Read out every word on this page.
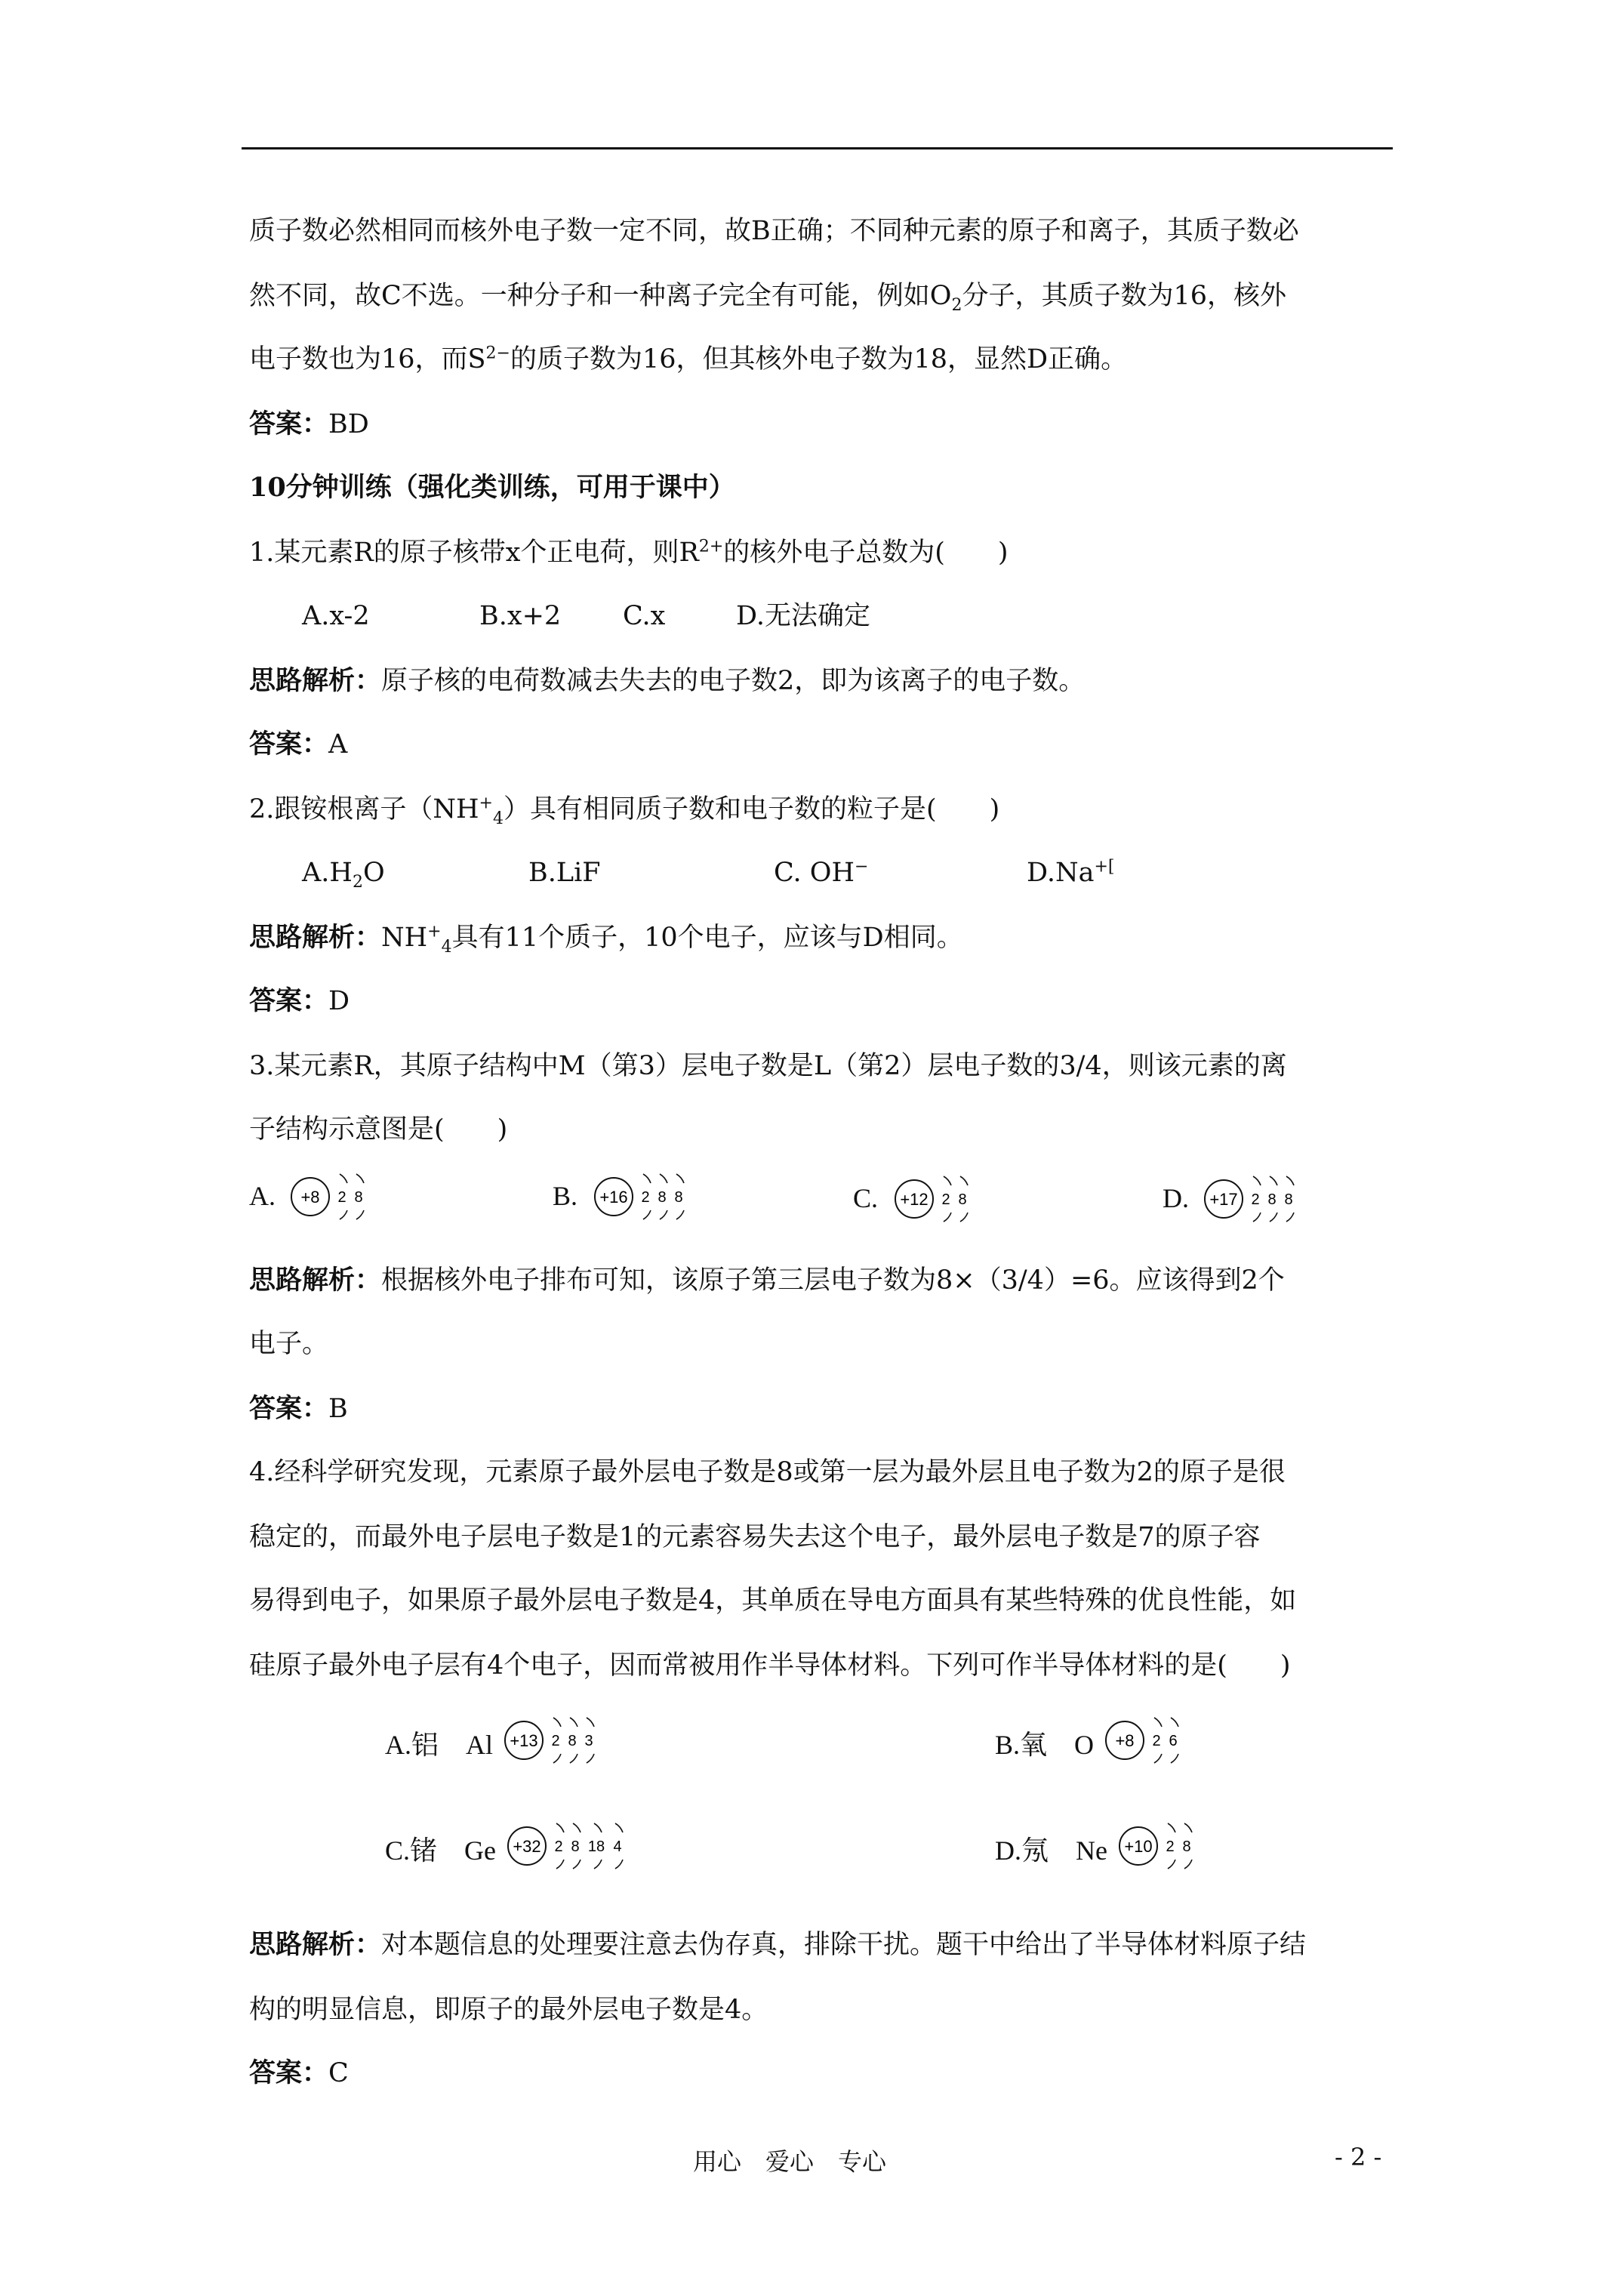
质子数必然相同而核外电子数一定不同，故B正确；不同种元素的原子和离子，其质子数必
然不同，故C不选。一种分子和一种离子完全有可能，例如$O_2$分子，其质子数为16，核外
电子数也为16，而$S^{2-}$的质子数为16，但其核外电子数为18，显然D正确。
答案：BD
10分钟训练（强化类训练，可用于课中）
1.某元素R的原子核带x个正电荷，则$R^{2+}$的核外电子总数为(　　)
A.x-2	B.x+2 C.x	D.无法确定
思路解析：原子核的电荷数减去失去的电子数2，即为该离子的电子数。
答案：A
2.跟铵根离子$(NH^+_4)$具有相同质子数和电子数的粒子是(　　)
$A.H_2O$	B.LiF	C. OH−	D.Na+[
思路解析：$NH^+_4$具有11个质子，10个电子，应该与D相同。
答案：D
3.某元素R，其原子结构中M（第3）层电子数是L（第2）层电子数的3/4，则该元素的离
子结构示意图是(　　)
A. +8 2 8	B. +16 2 8 8	C. +12 2 8	D. +17 2 8 8
思路解析：根据核外电子排布可知，该原子第三层电子数为8×（3/4）=6。应该得到2个
电子。
答案：B
4.经科学研究发现，元素原子最外层电子数是8或第一层为最外层且电子数为2的原子是很
稳定的，而最外电子层电子数是1的元素容易失去这个电子，最外层电子数是7的原子容
易得到电子，如果原子最外层电子数是4，其单质在导电方面具有某些特殊的优良性能，如
硅原子最外电子层有4个电子，因而常被用作半导体材料。下列可作半导体材料的是(　　)
A.铝　Al +13 2 8 3	B.氧　O +8 2 6
C.锗　Ge +32 2 8 18 4	D.氖　Ne +10 2 8
思路解析：对本题信息的处理要注意去伪存真，排除干扰。题干中给出了半导体材料原子结
构的明显信息，即原子的最外层电子数是4。
答案：C
用心　爱心　专心	- 2 -
